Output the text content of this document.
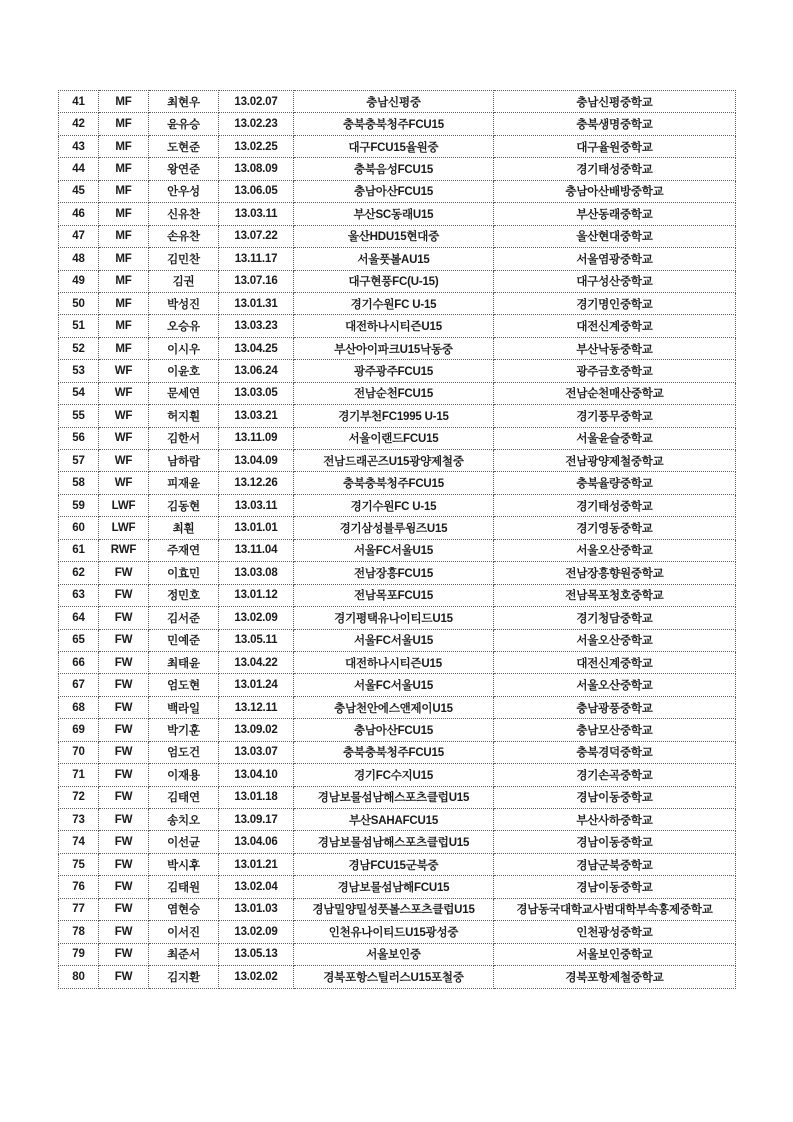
41	MF	최현우	13.02.07	충남신평중	충남신평중학교
42	MF	윤유승	13.02.23	충북충북청주FCU15	충북생명중학교
43	MF	도현준	13.02.25	대구FCU15율원중	대구율원중학교
44	MF	왕연준	13.08.09	충북음성FCU15	경기태성중학교
45	MF	안우성	13.06.05	충남아산FCU15	충남아산배방중학교
46	MF	신유찬	13.03.11	부산SC동래U15	부산동래중학교
47	MF	손유찬	13.07.22	울산HDU15현대중	울산현대중학교
48	MF	김민찬	13.11.17	서울풋볼AU15	서울염광중학교
49	MF	김권	13.07.16	대구현풍FC(U-15)	대구성산중학교
50	MF	박성진	13.01.31	경기수원FC U-15	경기명인중학교
51	MF	오승유	13.03.23	대전하나시티즌U15	대전신계중학교
52	MF	이시우	13.04.25	부산아이파크U15낙동중	부산낙동중학교
53	WF	이윤호	13.06.24	광주광주FCU15	광주금호중학교
54	WF	문세연	13.03.05	전남순천FCU15	전남순천매산중학교
55	WF	허지훤	13.03.21	경기부천FC1995 U-15	경기풍무중학교
56	WF	김한서	13.11.09	서울이랜드FCU15	서울윤슬중학교
57	WF	남하람	13.04.09	전남드래곤즈U15광양제철중	전남광양제철중학교
58	WF	피재윤	13.12.26	충북충북청주FCU15	충북율량중학교
59	LWF	김동현	13.03.11	경기수원FC U-15	경기태성중학교
60	LWF	최훤	13.01.01	경기삼성블루윙즈U15	경기영동중학교
61	RWF	주재연	13.11.04	서울FC서울U15	서울오산중학교
62	FW	이효민	13.03.08	전남장흥FCU15	전남장흥향원중학교
63	FW	정민호	13.01.12	전남목포FCU15	전남목포청호중학교
64	FW	김서준	13.02.09	경기평택유나이티드U15	경기청담중학교
65	FW	민예준	13.05.11	서울FC서울U15	서울오산중학교
66	FW	최태윤	13.04.22	대전하나시티즌U15	대전신계중학교
67	FW	엄도현	13.01.24	서울FC서울U15	서울오산중학교
68	FW	백라일	13.12.11	충남천안에스앤제이U15	충남광풍중학교
69	FW	박기훈	13.09.02	충남아산FCU15	충남모산중학교
70	FW	엄도건	13.03.07	충북충북청주FCU15	충북경덕중학교
71	FW	이재용	13.04.10	경기FC수지U15	경기손곡중학교
72	FW	김태연	13.01.18	경남보물섬남해스포츠클럽U15	경남이동중학교
73	FW	송치오	13.09.17	부산SAHAFCU15	부산사하중학교
74	FW	이선균	13.04.06	경남보물섬남해스포츠클럽U15	경남이동중학교
75	FW	박시후	13.01.21	경남FCU15군북중	경남군북중학교
76	FW	김태원	13.02.04	경남보물섬남해FCU15	경남이동중학교
77	FW	염현승	13.01.03	경남밀양밀성풋볼스포츠클럽U15	경남동국대학교사범대학부속홍제중학교
78	FW	이서진	13.02.09	인천유나이티드U15광성중	인천광성중학교
79	FW	최준서	13.05.13	서울보인중	서울보인중학교
80	FW	김지환	13.02.02	경북포항스틸러스U15포철중	경북포항제철중학교
